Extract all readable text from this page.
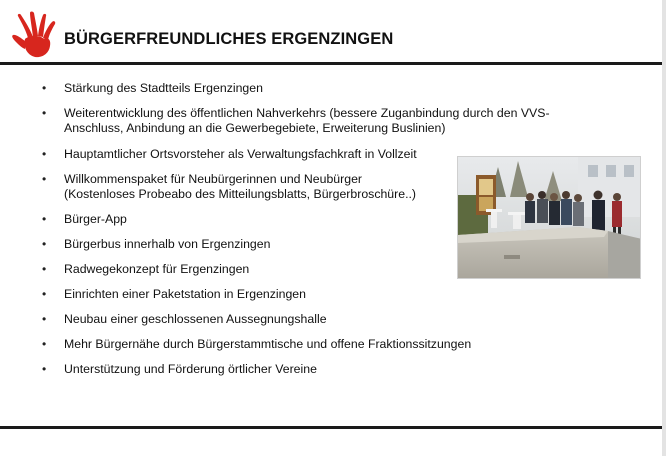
BÜRGERFREUNDLICHES ERGENZINGEN
•	Stärkung des Stadtteils Ergenzingen
•	Weiterentwicklung des öffentlichen Nahverkehrs (bessere Zuganbindung durch den VVS-
Anschluss, Anbindung an die Gewerbegebiete, Erweiterung Buslinien)
•	Hauptamtlicher Ortsvorsteher als Verwaltungsfachkraft in Vollzeit
•	Willkommenspaket für Neubürgerinnen und Neubürger
(Kostenloses Probeabo des Mitteilungsblatts, Bürgerbroschüre..)
•	Bürger-App
•	Bürgerbus innerhalb von Ergenzingen
•	Radwegekonzept für Ergenzingen
•	Einrichten einer Paketstation in Ergenzingen
•	Neubau einer geschlossenen Aussegnungshalle
•	Mehr Bürgernähe durch Bürgerstammtische und offene Fraktionssitzungen
•	Unterstützung und Förderung örtlicher Vereine
